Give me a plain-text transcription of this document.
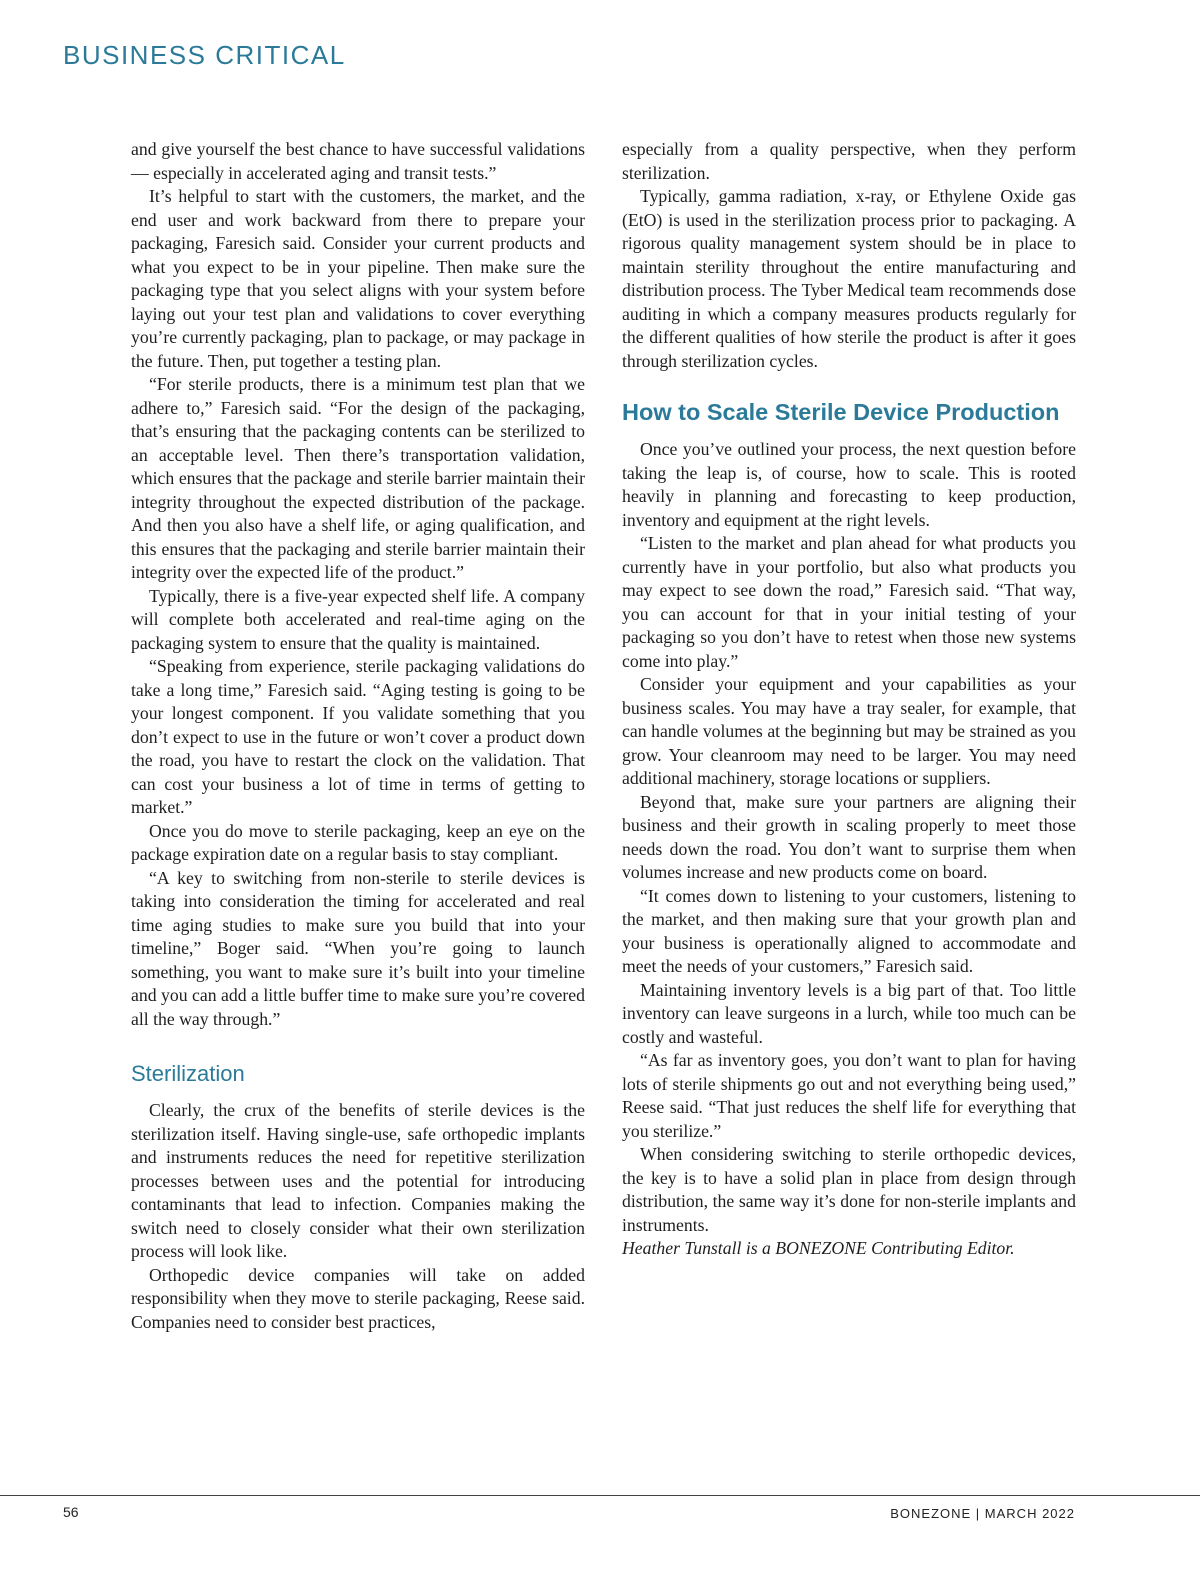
BUSINESS CRITICAL

and give yourself the best chance to have successful validations — especially in accelerated aging and transit tests.”

It’s helpful to start with the customers, the market, and the end user and work backward from there to prepare your packaging, Faresich said. Consider your current products and what you expect to be in your pipeline. Then make sure the packaging type that you select aligns with your system before laying out your test plan and validations to cover everything you’re currently packaging, plan to package, or may package in the future. Then, put together a testing plan.

“For sterile products, there is a minimum test plan that we adhere to,” Faresich said. “For the design of the packaging, that’s ensuring that the packaging contents can be sterilized to an acceptable level. Then there’s transportation validation, which ensures that the package and sterile barrier maintain their integrity throughout the expected distribution of the package. And then you also have a shelf life, or aging qualification, and this ensures that the packaging and sterile barrier maintain their integrity over the expected life of the product.”

Typically, there is a five-year expected shelf life. A company will complete both accelerated and real-time aging on the packaging system to ensure that the quality is maintained.

“Speaking from experience, sterile packaging validations do take a long time,” Faresich said. “Aging testing is going to be your longest component. If you validate something that you don’t expect to use in the future or won’t cover a product down the road, you have to restart the clock on the validation. That can cost your business a lot of time in terms of getting to market.”

Once you do move to sterile packaging, keep an eye on the package expiration date on a regular basis to stay compliant.

“A key to switching from non-sterile to sterile devices is taking into consideration the timing for accelerated and real time aging studies to make sure you build that into your timeline,” Boger said. “When you’re going to launch something, you want to make sure it’s built into your timeline and you can add a little buffer time to make sure you’re covered all the way through.”

Sterilization

Clearly, the crux of the benefits of sterile devices is the sterilization itself. Having single-use, safe orthopedic implants and instruments reduces the need for repetitive sterilization processes between uses and the potential for introducing contaminants that lead to infection. Companies making the switch need to closely consider what their own sterilization process will look like.

Orthopedic device companies will take on added responsibility when they move to sterile packaging, Reese said. Companies need to consider best practices,

especially from a quality perspective, when they perform sterilization.

Typically, gamma radiation, x-ray, or Ethylene Oxide gas (EtO) is used in the sterilization process prior to packaging. A rigorous quality management system should be in place to maintain sterility throughout the entire manufacturing and distribution process. The Tyber Medical team recommends dose auditing in which a company measures products regularly for the different qualities of how sterile the product is after it goes through sterilization cycles.

How to Scale Sterile Device Production

Once you’ve outlined your process, the next question before taking the leap is, of course, how to scale. This is rooted heavily in planning and forecasting to keep production, inventory and equipment at the right levels.

“Listen to the market and plan ahead for what products you currently have in your portfolio, but also what products you may expect to see down the road,” Faresich said. “That way, you can account for that in your initial testing of your packaging so you don’t have to retest when those new systems come into play.”

Consider your equipment and your capabilities as your business scales. You may have a tray sealer, for example, that can handle volumes at the beginning but may be strained as you grow. Your cleanroom may need to be larger. You may need additional machinery, storage locations or suppliers.

Beyond that, make sure your partners are aligning their business and their growth in scaling properly to meet those needs down the road. You don’t want to surprise them when volumes increase and new products come on board.

“It comes down to listening to your customers, listening to the market, and then making sure that your growth plan and your business is operationally aligned to accommodate and meet the needs of your customers,” Faresich said.

Maintaining inventory levels is a big part of that. Too little inventory can leave surgeons in a lurch, while too much can be costly and wasteful.

“As far as inventory goes, you don’t want to plan for having lots of sterile shipments go out and not everything being used,” Reese said. “That just reduces the shelf life for everything that you sterilize.”

When considering switching to sterile orthopedic devices, the key is to have a solid plan in place from design through distribution, the same way it’s done for non-sterile implants and instruments.

Heather Tunstall is a BONEZONE Contributing Editor.

56	BONEZONE | MARCH 2022
